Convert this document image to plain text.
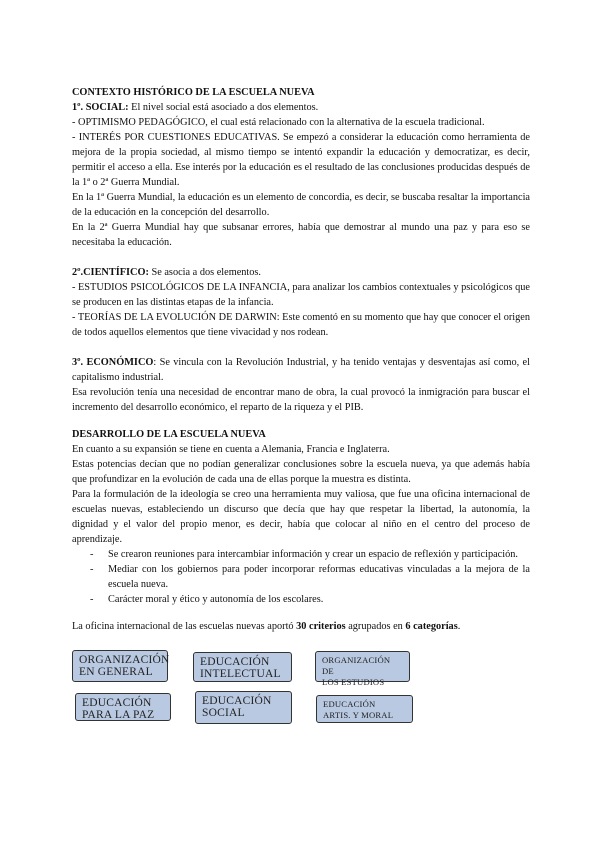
CONTEXTO HISTÓRICO DE LA ESCUELA NUEVA

1º. SOCIAL: El nivel social está asociado a dos elementos.

- OPTIMISMO PEDAGÓGICO, el cual está relacionado con la alternativa de la escuela tradicional.

- INTERÉS POR CUESTIONES EDUCATIVAS. Se empezó a considerar la educación como herramienta de mejora de la propia sociedad, al mismo tiempo se intentó expandir la educación y democratizar, es decir, permitir el acceso a ella. Ese interés por la educación es el resultado de las conclusiones producidas después de la 1ª o 2ª Guerra Mundial.

En la 1ª Guerra Mundial, la educación es un elemento de concordia, es decir, se buscaba resaltar la importancia de la educación en la concepción del desarrollo.

En la 2ª Guerra Mundial hay que subsanar errores, había que demostrar al mundo una paz y para eso se necesitaba la educación.

2º.CIENTÍFICO: Se asocia a dos elementos.

- ESTUDIOS PSICOLÓGICOS DE LA INFANCIA, para analizar los cambios contextuales y psicológicos que se producen en las distintas etapas de la infancia.

- TEORÍAS DE LA EVOLUCIÓN DE DARWIN: Este comentó en su momento que hay que conocer el origen de todos aquellos elementos que tiene vivacidad y nos rodean.

3º. ECONÓMICO: Se vincula con la Revolución Industrial, y ha tenido ventajas y desventajas así como, el capitalismo industrial.

Esa revolución tenía una necesidad de encontrar mano de obra, la cual provocó la inmigración para buscar el incremento del desarrollo económico, el reparto de la riqueza y el PIB.

DESARROLLO DE LA ESCUELA NUEVA

En cuanto a su expansión se tiene en cuenta a Alemania, Francia e Inglaterra.

Estas potencias decían que no podían generalizar conclusiones sobre la escuela nueva, ya que además había que profundizar en la evolución de cada una de ellas porque la muestra es distinta.

Para la formulación de la ideología se creo una herramienta muy valiosa, que fue una oficina internacional de escuelas nuevas, estableciendo un discurso que decía que hay que respetar la libertad, la autonomía, la dignidad y el valor del propio menor, es decir, había que colocar al niño en el centro del proceso de aprendizaje.

- Se crearon reuniones para intercambiar información y crear un espacio de reflexión y participación.
- Mediar con los gobiernos para poder incorporar reformas educativas vinculadas a la mejora de la escuela nueva.
- Carácter moral y ético y autonomía de los escolares.

La oficina internacional de las escuelas nuevas aportó 30 criterios agrupados en 6 categorías.

ORGANIZACIÓN
EN GENERAL
EDUCACIÓN
INTELECTUAL
ORGANIZACIÓN DE
LOS ESTUDIOS
EDUCACIÓN
PARA LA PAZ
EDUCACIÓN
SOCIAL
EDUCACIÓN
ARTIS. Y MORAL
